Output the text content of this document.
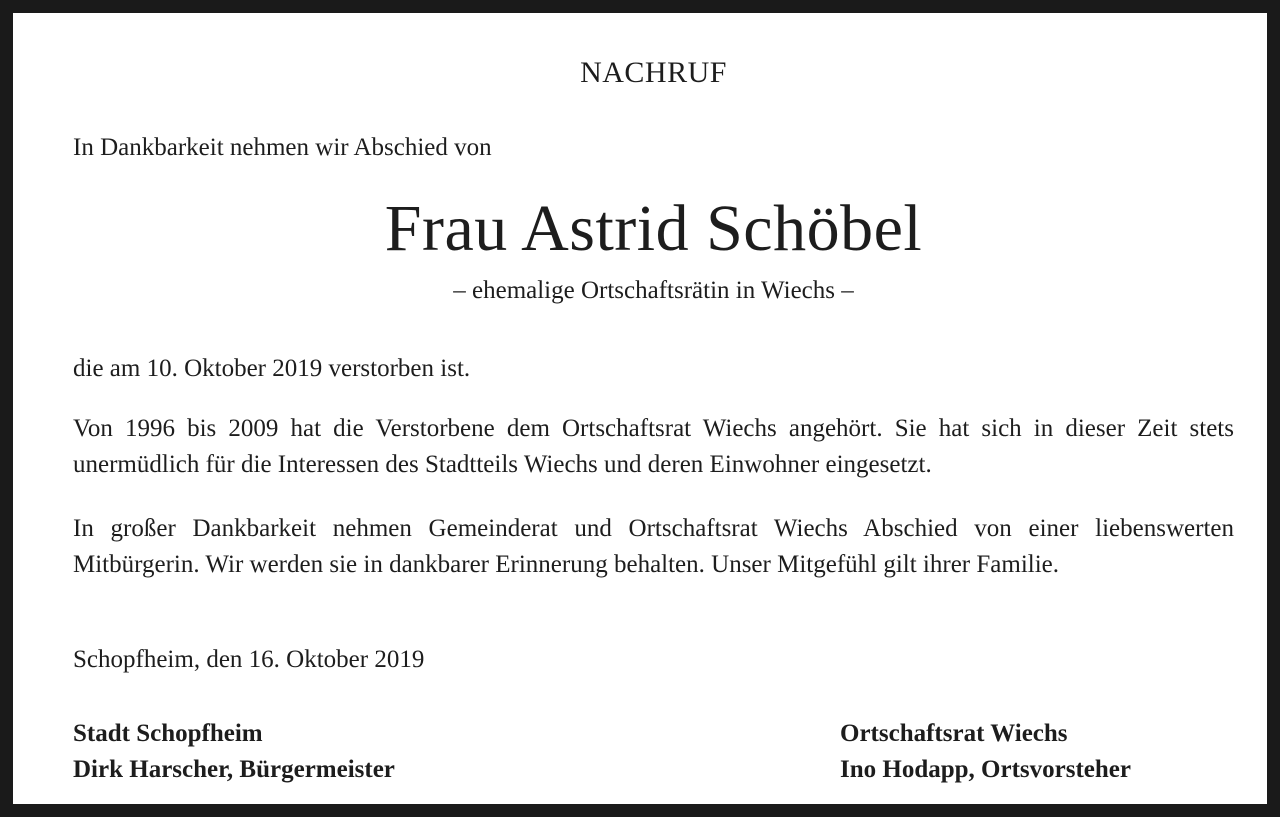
NACHRUF
In Dankbarkeit nehmen wir Abschied von
Frau Astrid Schöbel
– ehemalige Ortschaftsrätin in Wiechs –
die am 10. Oktober 2019 verstorben ist.
Von 1996 bis 2009 hat die Verstorbene dem Ortschaftsrat Wiechs angehört. Sie hat sich in dieser Zeit stets unermüdlich für die Interessen des Stadtteils Wiechs und deren Einwohner eingesetzt.
In großer Dankbarkeit nehmen Gemeinderat und Ortschaftsrat Wiechs Abschied von einer liebenswerten Mitbürgerin. Wir werden sie in dankbarer Erinnerung behalten. Unser Mitgefühl gilt ihrer Familie.
Schopfheim, den 16. Oktober 2019
Stadt Schopfheim
Dirk Harscher, Bürgermeister
Ortschaftsrat Wiechs
Ino Hodapp, Ortsvorsteher
